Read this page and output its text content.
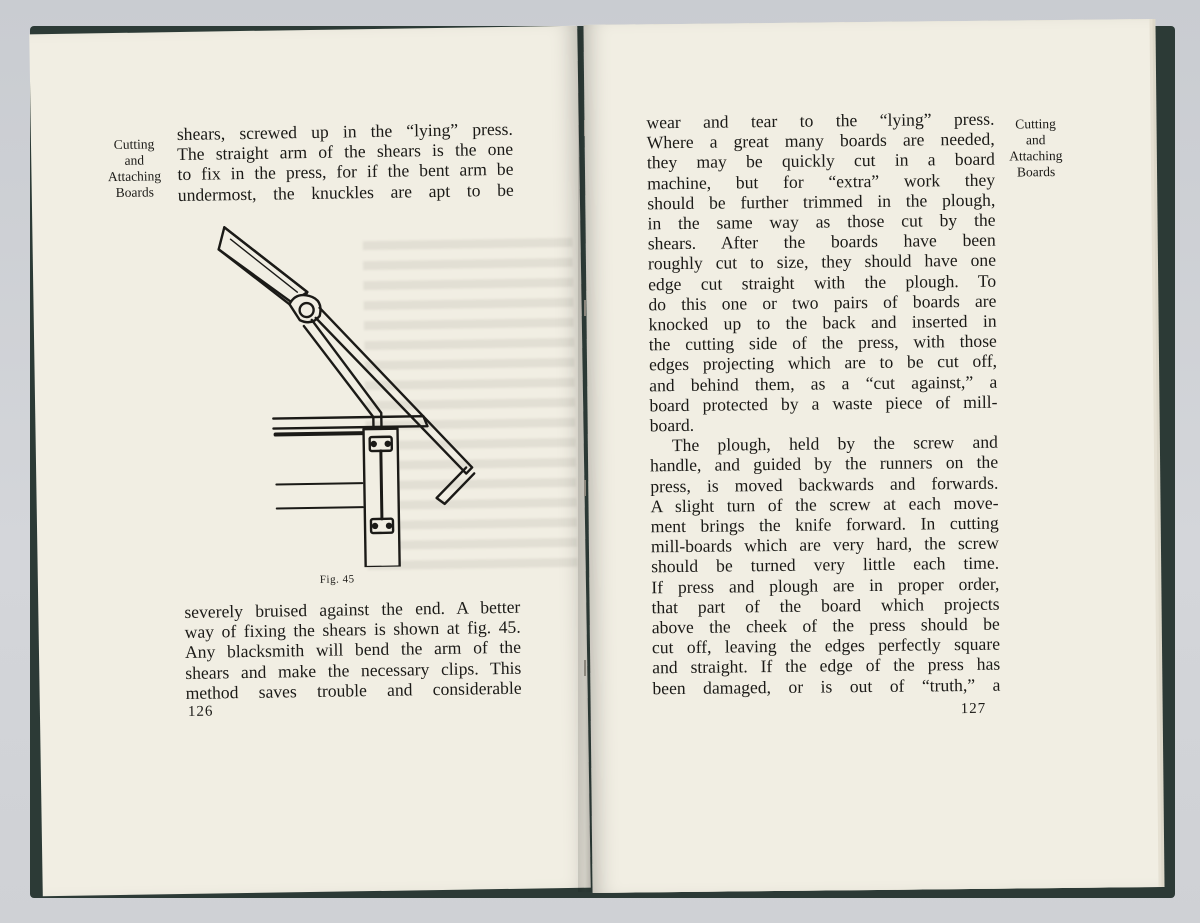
Cutting
and
Attaching
Boards
shears, screwed up in the “lying” press.
The straight arm of the shears is the one
to fix in the press, for if the bent arm be
undermost, the knuckles are apt to be
Fig. 45
severely bruised against the end. A better
way of fixing the shears is shown at fig. 45.
Any blacksmith will bend the arm of the
shears and make the necessary clips. This
method saves trouble and considerable
126
wear and tear to the “lying” press.
Where a great many boards are needed,
they may be quickly cut in a board
machine, but for “extra” work they
should be further trimmed in the plough,
in the same way as those cut by the
shears. After the boards have been
roughly cut to size, they should have one
edge cut straight with the plough. To
do this one or two pairs of boards are
knocked up to the back and inserted in
the cutting side of the press, with those
edges projecting which are to be cut off,
and behind them, as a “cut against,” a
board protected by a waste piece of mill-
board.
The plough, held by the screw and
handle, and guided by the runners on the
press, is moved backwards and forwards.
A slight turn of the screw at each move-
ment brings the knife forward. In cutting
mill-boards which are very hard, the screw
should be turned very little each time.
If press and plough are in proper order,
that part of the board which projects
above the cheek of the press should be
cut off, leaving the edges perfectly square
and straight. If the edge of the press has
been damaged, or is out of “truth,” a
Cutting
and
Attaching
Boards
127
